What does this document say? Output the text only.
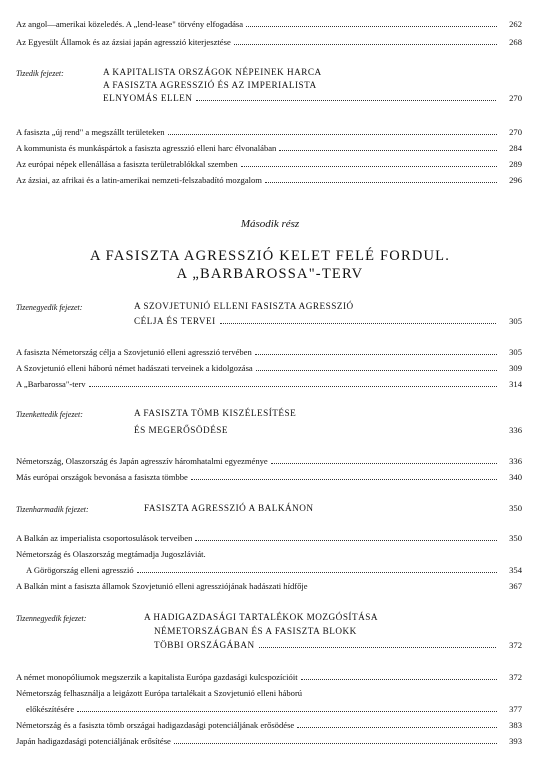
Az angol—amerikai közeledés. A „lend-lease" törvény elfogadása	262
Az Egyesült Államok és az ázsiai japán agresszió kiterjesztése	268
Tizedik fejezet:	A KAPITALISTA ORSZÁGOK NÉPEINEK HARCA
A FASISZTA AGRESSZIÓ ÉS AZ IMPERIALISTA
ELNYOMÁS ELLEN	270
A fasiszta „új rend" a megszállt területeken	270
A kommunista és munkáspártok a fasiszta agresszió elleni harc élvonalában	284
Az európai népek ellenállása a fasiszta területrablókkal szemben	289
Az ázsiai, az afrikai és a latin-amerikai nemzeti-felszabadító mozgalom	296
Második rész
A FASISZTA AGRESSZIÓ KELET FELÉ FORDUL.
A „BARBAROSSA"-TERV
Tizenegyedik fejezet:	A SZOVJETUNIÓ ELLENI FASISZTA AGRESSZIÓ
CÉLJA ÉS TERVEI	305
A fasiszta Németország célja a Szovjetunió elleni agresszió tervében	305
A Szovjetunió elleni háború német hadászati terveinek a kidolgozása	309
A „Barbarossa"-terv	314
Tizenkettedik fejezet:	A FASISZTA TÖMB KISZÉLESÍTÉSE
ÉS MEGERŐSÖDÉSE	336
Németország, Olaszország és Japán agresszív háromhatalmi egyezménye	336
Más európai országok bevonása a fasiszta tömbbe	340
Tizenharmadik fejezet:	FASISZTA AGRESSZIÓ A BALKÁNON	350
A Balkán az imperialista csoportosulások terveiben	350
Németország és Olaszország megtámadja Jugoszláviát.
A Görögország elleni agresszió	354
A Balkán mint a fasiszta államok Szovjetunió elleni agressziójának hadászati hídfője	367
Tizennegyedik fejezet:	A HADIGAZDASÁGI TARTALÉKOK MOZGÓSÍTÁSA
NÉMETORSZÁGBAN ÉS A FASISZTA BLOKK
TÖBBI ORSZÁGÁBAN	372
A német monopóliumok megszerzik a kapitalista Európa gazdasági kulcspozícióit	372
Németország felhasználja a leigázott Európa tartalékait a Szovjetunió elleni háború
előkészítésére	377
Németország és a fasiszta tömb országai hadigazdasági potenciáljának erősödése	383
Japán hadigazdasági potenciáljának erősítése	393
